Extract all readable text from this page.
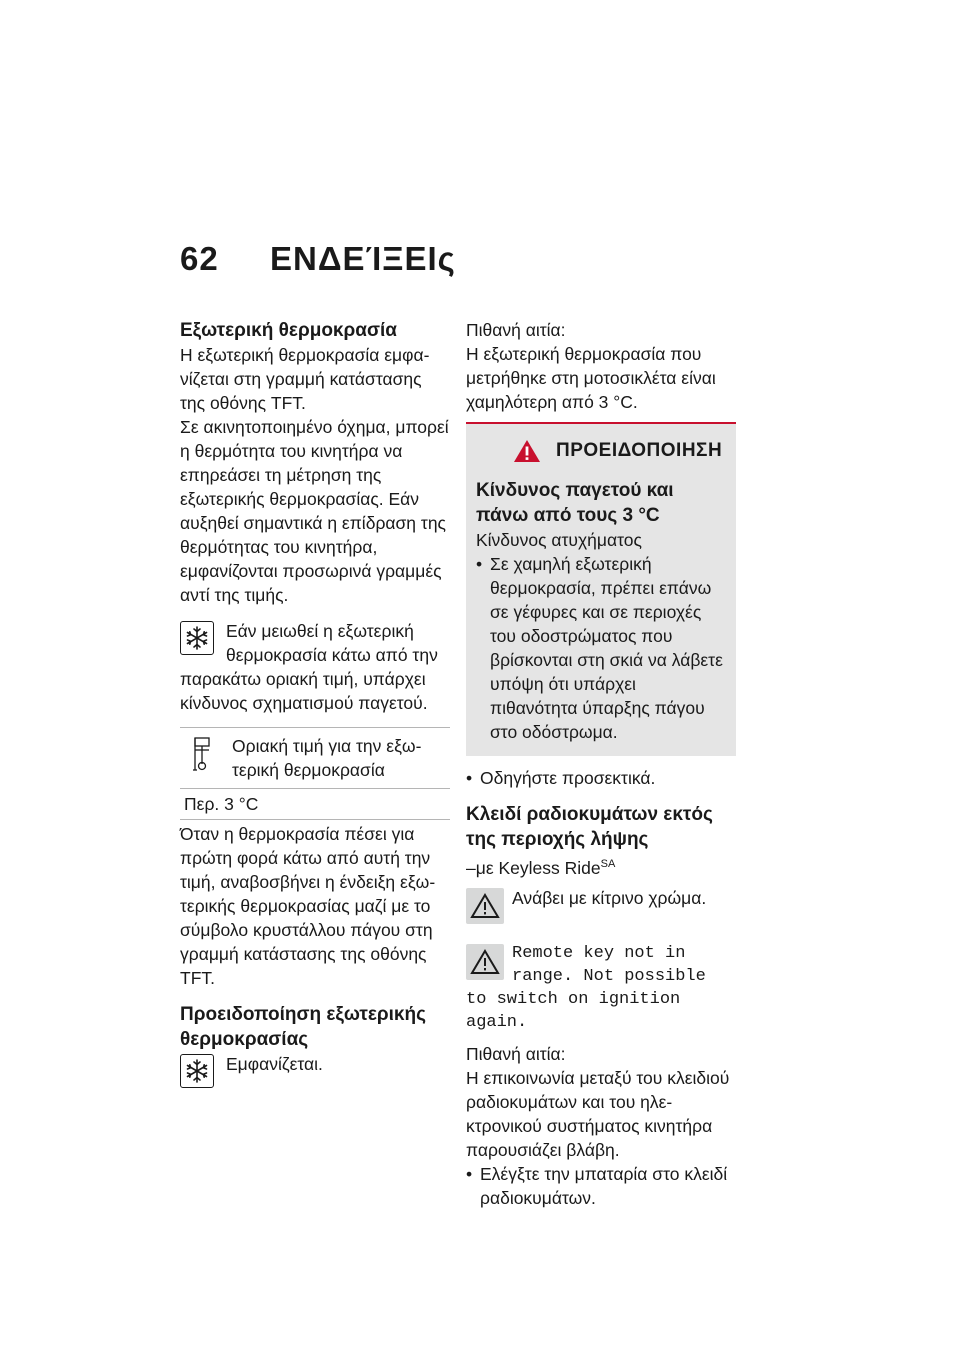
62 ΕΝΔΕΊΞΕΙς
Εξωτερική θερμοκρασία

Η εξωτερική θερμοκρασία εμφανίζεται στη γραμμή κατάστασης της οθόνης TFT.

Σε ακινητοποιημένο όχημα, μπορεί η θερμότητα του κινητήρα να επηρεάσει τη μέτρηση της εξωτερικής θερμοκρασίας. Εάν αυξηθεί σημαντικά η επίδραση της θερμότητας του κινητήρα, εμφανίζονται προσωρινά γραμμές αντί της τιμής.

Εάν μειωθεί η εξωτερική θερμοκρασία κάτω από την
παρακάτω οριακή τιμή, υπάρχει κίνδυνος σχηματισμού παγετού.
Οριακή τιμή για την εξωτερική θερμοκρασία
Περ. 3 °C

Όταν η θερμοκρασία πέσει για πρώτη φορά κάτω από αυτή την τιμή, αναβοσβήνει η ένδειξη εξωτερικής θερμοκρασίας μαζί με το σύμβολο κρυστάλλου πάγου στη γραμμή κατάστασης της οθόνης TFT.

Προειδοποίηση εξωτερικής θερμοκρασίας
Εμφανίζεται.
Πιθανή αιτία:

Η εξωτερική θερμοκρασία που μετρήθηκε στη μοτοσικλέτα είναι χαμηλότερη από 3 °C.

ΠΡΟΕΙΔΟΠΟΙΗΣΗ
Κίνδυνος παγετού και πάνω από τους 3 °C
Κίνδυνος ατυχήματος
• Σε χαμηλή εξωτερική θερμοκρασία, πρέπει επάνω σε γέφυρες και σε περιοχές του οδοστρώματος που βρίσκονται στη σκιά να λάβετε υπόψη ότι υπάρχει πιθανότητα ύπαρξης πάγου στο οδόστρωμα.
• Οδηγήστε προσεκτικά.
Κλειδί ραδιοκυμάτων εκτός της περιοχής λήψης
–με Keyless Ride$^{SA}$
Ανάβει με κίτρινο χρώμα.
Remote key not in
range. Not possible
to switch on ignition again.
Πιθανή αιτία:

Η επικοινωνία μεταξύ του κλειδιού ραδιοκυμάτων και του ηλεκτρονικού συστήματος κινητήρα παρουσιάζει βλάβη.

• Ελέγξτε την μπαταρία στο κλειδί ραδιοκυμάτων.
